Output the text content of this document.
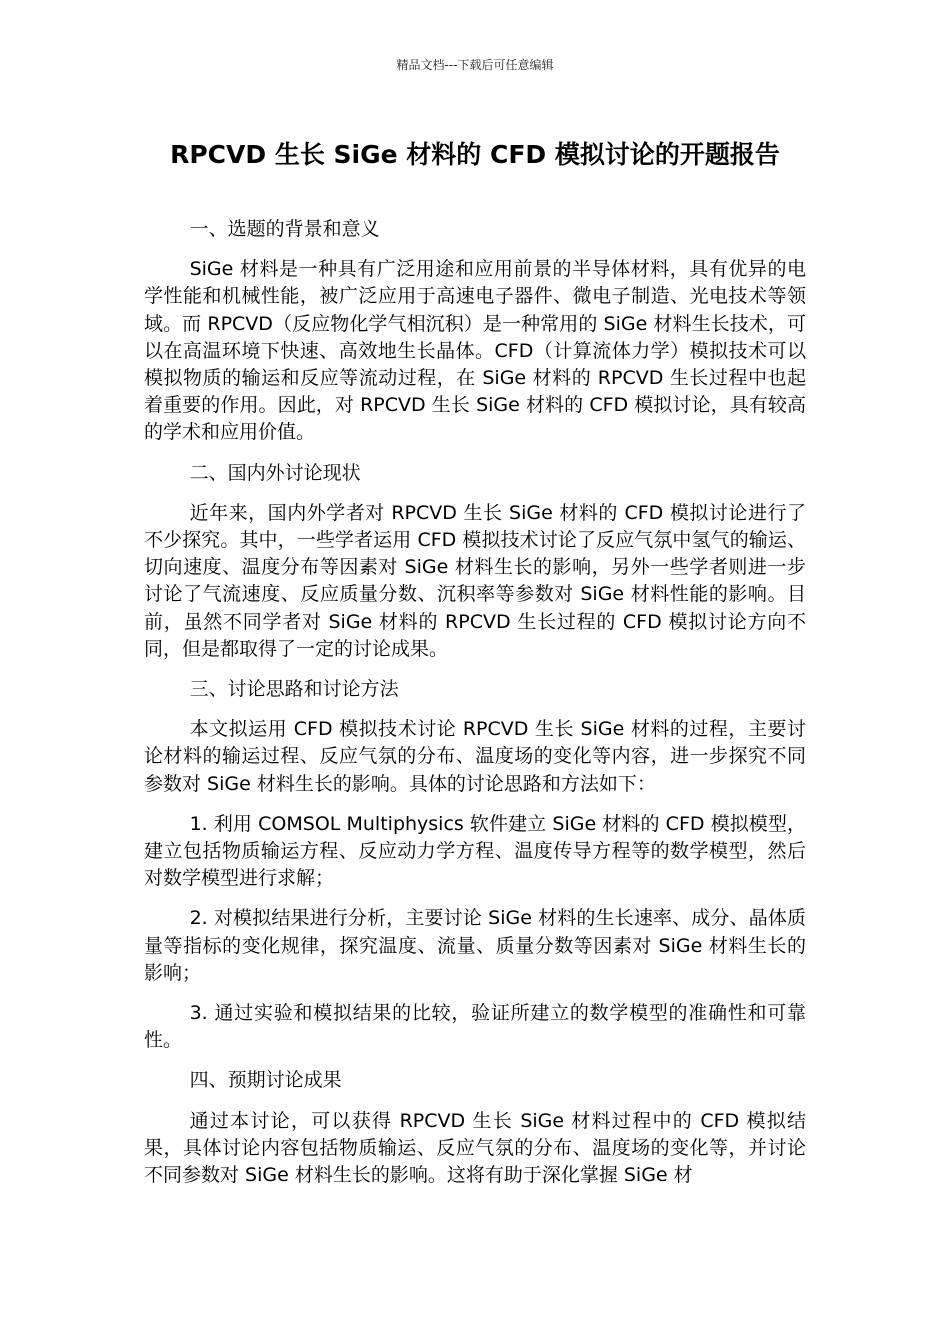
精品文档---下载后可任意编辑
RPCVD 生长 SiGe 材料的 CFD 模拟讨论的开题报告

一、选题的背景和意义

SiGe 材料是一种具有广泛用途和应用前景的半导体材料，具有优异的电学性能和机械性能，被广泛应用于高速电子器件、微电子制造、光电技术等领域。而 RPCVD（反应物化学气相沉积）是一种常用的 SiGe 材料生长技术，可以在高温环境下快速、高效地生长晶体。CFD（计算流体力学）模拟技术可以模拟物质的输运和反应等流动过程，在 SiGe 材料的 RPCVD 生长过程中也起着重要的作用。因此，对 RPCVD 生长 SiGe 材料的 CFD 模拟讨论，具有较高的学术和应用价值。

二、国内外讨论现状

近年来，国内外学者对 RPCVD 生长 SiGe 材料的 CFD 模拟讨论进行了不少探究。其中，一些学者运用 CFD 模拟技术讨论了反应气氛中氢气的输运、切向速度、温度分布等因素对 SiGe 材料生长的影响，另外一些学者则进一步讨论了气流速度、反应质量分数、沉积率等参数对 SiGe 材料性能的影响。目前，虽然不同学者对 SiGe 材料的 RPCVD 生长过程的 CFD 模拟讨论方向不同，但是都取得了一定的讨论成果。

三、讨论思路和讨论方法

本文拟运用 CFD 模拟技术讨论 RPCVD 生长 SiGe 材料的过程，主要讨论材料的输运过程、反应气氛的分布、温度场的变化等内容，进一步探究不同参数对 SiGe 材料生长的影响。具体的讨论思路和方法如下：

1. 利用 COMSOL Multiphysics 软件建立 SiGe 材料的 CFD 模拟模型，建立包括物质输运方程、反应动力学方程、温度传导方程等的数学模型，然后对数学模型进行求解；

2. 对模拟结果进行分析，主要讨论 SiGe 材料的生长速率、成分、晶体质量等指标的变化规律，探究温度、流量、质量分数等因素对 SiGe 材料生长的影响；

3. 通过实验和模拟结果的比较，验证所建立的数学模型的准确性和可靠性。

四、预期讨论成果

通过本讨论，可以获得 RPCVD 生长 SiGe 材料过程中的 CFD 模拟结果，具体讨论内容包括物质输运、反应气氛的分布、温度场的变化等，并讨论不同参数对 SiGe 材料生长的影响。这将有助于深化掌握 SiGe 材
